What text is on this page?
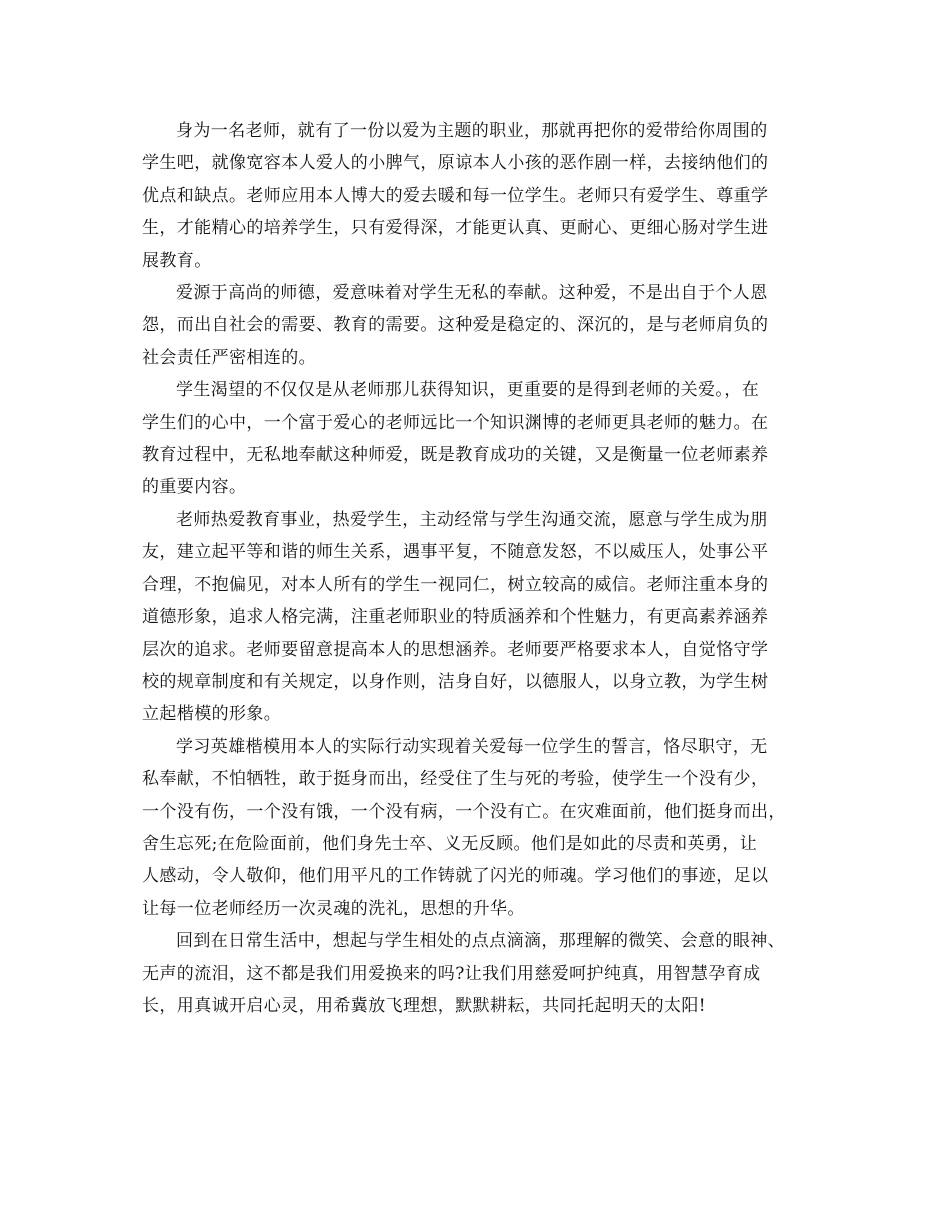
身为一名老师，就有了一份以爱为主题的职业，那就再把你的爱带给你周围的
学生吧，就像宽容本人爱人的小脾气，原谅本人小孩的恶作剧一样，去接纳他们的
优点和缺点。老师应用本人博大的爱去暖和每一位学生。老师只有爱学生、尊重学
生，才能精心的培养学生，只有爱得深，才能更认真、更耐心、更细心肠对学生进
展教育。

爱源于高尚的师德，爱意味着对学生无私的奉献。这种爱，不是出自于个人恩
怨，而出自社会的需要、教育的需要。这种爱是稳定的、深沉的，是与老师肩负的
社会责任严密相连的。

学生渴望的不仅仅是从老师那儿获得知识，更重要的是得到老师的关爱。，在
学生们的心中，一个富于爱心的老师远比一个知识渊博的老师更具老师的魅力。在
教育过程中，无私地奉献这种师爱，既是教育成功的关键，又是衡量一位老师素养
的重要内容。

老师热爱教育事业，热爱学生，主动经常与学生沟通交流，愿意与学生成为朋
友，建立起平等和谐的师生关系，遇事平复，不随意发怒，不以威压人，处事公平
合理，不抱偏见，对本人所有的学生一视同仁，树立较高的威信。老师注重本身的
道德形象，追求人格完满，注重老师职业的特质涵养和个性魅力，有更高素养涵养
层次的追求。老师要留意提高本人的思想涵养。老师要严格要求本人，自觉恪守学
校的规章制度和有关规定，以身作则，洁身自好，以德服人，以身立教，为学生树
立起楷模的形象。

学习英雄楷模用本人的实际行动实现着关爱每一位学生的誓言，恪尽职守，无
私奉献，不怕牺牲，敢于挺身而出，经受住了生与死的考验，使学生一个没有少，
一个没有伤，一个没有饿，一个没有病，一个没有亡。在灾难面前，他们挺身而出，
舍生忘死;在危险面前，他们身先士卒、义无反顾。他们是如此的尽责和英勇，让
人感动，令人敬仰，他们用平凡的工作铸就了闪光的师魂。学习他们的事迹，足以
让每一位老师经历一次灵魂的洗礼，思想的升华。

回到在日常生活中，想起与学生相处的点点滴滴，那理解的微笑、会意的眼神、
无声的流泪，这不都是我们用爱换来的吗?让我们用慈爱呵护纯真，用智慧孕育成
长，用真诚开启心灵，用希冀放飞理想，默默耕耘，共同托起明天的太阳!
